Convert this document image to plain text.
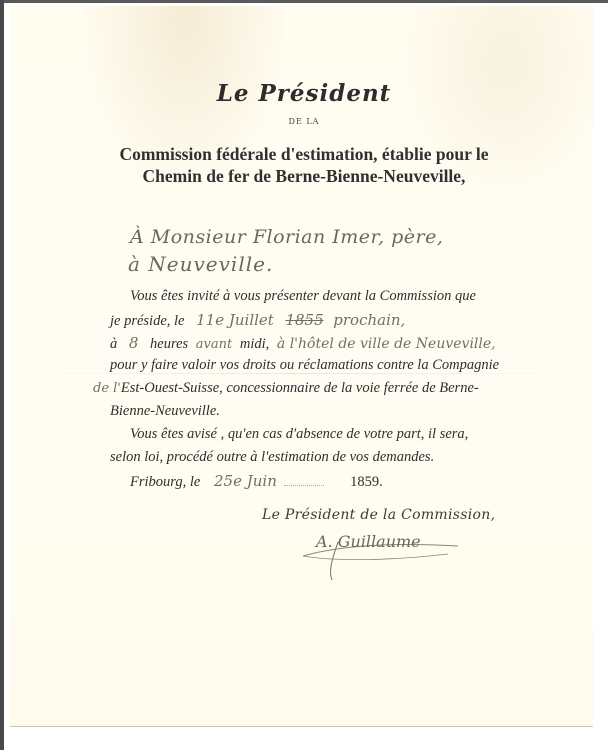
Le Président
DE LA
Commission fédérale d'estimation, établie pour le
Chemin de fer de Berne-Bienne-Neuveville,
À Monsieur Florian Imer, père,
à Neuveville.
Vous êtes invité à vous présenter devant la Commission que
je préside, le 11e Juillet 1855 prochain,
à 8 heures avant midi, à l'hôtel de ville de Neuveville,
pour y faire valoir vos droits ou réclamations contre la Compagnie
de l'Est-Ouest-Suisse, concessionnaire de la voie ferrée de Berne-
Bienne-Neuveville.
Vous êtes avisé , qu'en cas d'absence de votre part, il sera,
selon loi, procédé outre à l'estimation de vos demandes.
Fribourg, le 25e Juin	1859.
Le Président de la Commission,
A. Guillaume
